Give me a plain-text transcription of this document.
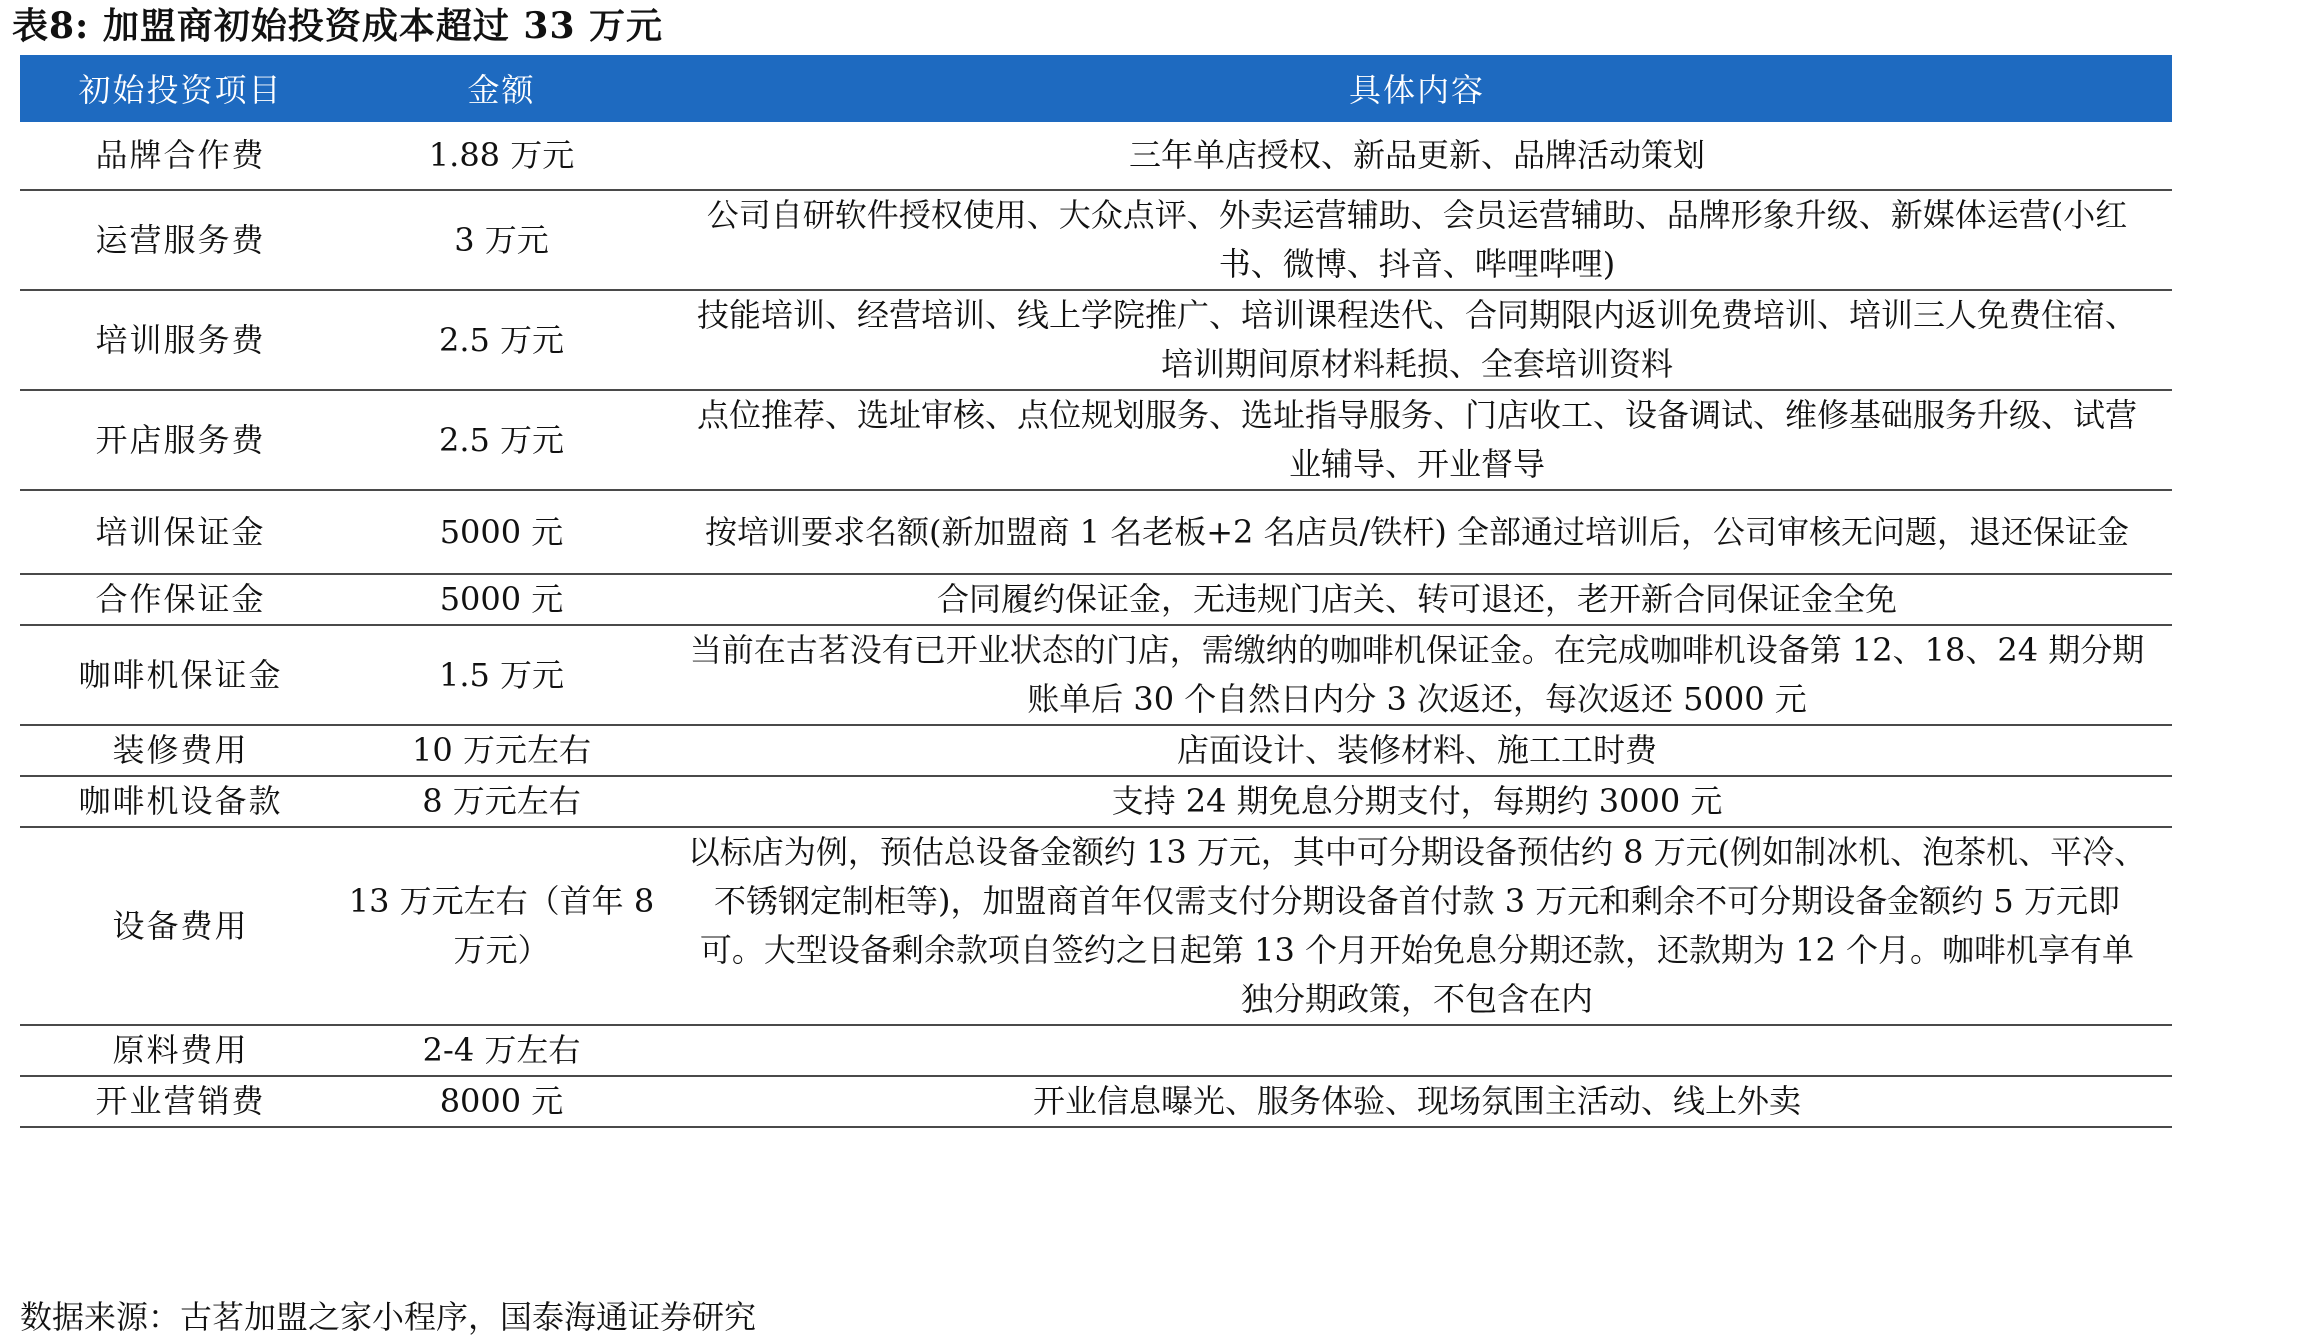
表8: 加盟商初始投资成本超过 33 万元
初始投资项目	金额	具体内容
品牌合作费	1.88 万元	三年单店授权、新品更新、品牌活动策划
运营服务费	3 万元	公司自研软件授权使用、大众点评、外卖运营辅助、会员运营辅助、品牌形象升级、新媒体运营(小红书、微博、抖音、哔哩哔哩)
培训服务费	2.5 万元	技能培训、经营培训、线上学院推广、培训课程迭代、合同期限内返训免费培训、培训三人免费住宿、培训期间原材料耗损、全套培训资料
开店服务费	2.5 万元	点位推荐、选址审核、点位规划服务、选址指导服务、门店收工、设备调试、维修基础服务升级、试营业辅导、开业督导
培训保证金	5000 元	按培训要求名额(新加盟商 1 名老板+2 名店员/铁杆) 全部通过培训后，公司审核无问题，退还保证金
合作保证金	5000 元	合同履约保证金，无违规门店关、转可退还，老开新合同保证金全免
咖啡机保证金	1.5 万元	当前在古茗没有已开业状态的门店，需缴纳的咖啡机保证金。在完成咖啡机设备第 12、18、24 期分期账单后 30 个自然日内分 3 次返还，每次返还 5000 元
装修费用	10 万元左右	店面设计、装修材料、施工工时费
咖啡机设备款	8 万元左右	支持 24 期免息分期支付，每期约 3000 元
设备费用	13 万元左右（首年 8 万元）	以标店为例，预估总设备金额约 13 万元，其中可分期设备预估约 8 万元(例如制冰机、泡茶机、平冷、不锈钢定制柜等)，加盟商首年仅需支付分期设备首付款 3 万元和剩余不可分期设备金额约 5 万元即可。大型设备剩余款项自签约之日起第 13 个月开始免息分期还款，还款期为 12 个月。咖啡机享有单独分期政策，不包含在内
原料费用	2-4 万左右	
开业营销费	8000 元	开业信息曝光、服务体验、现场氛围主活动、线上外卖
数据来源：古茗加盟之家小程序，国泰海通证券研究
